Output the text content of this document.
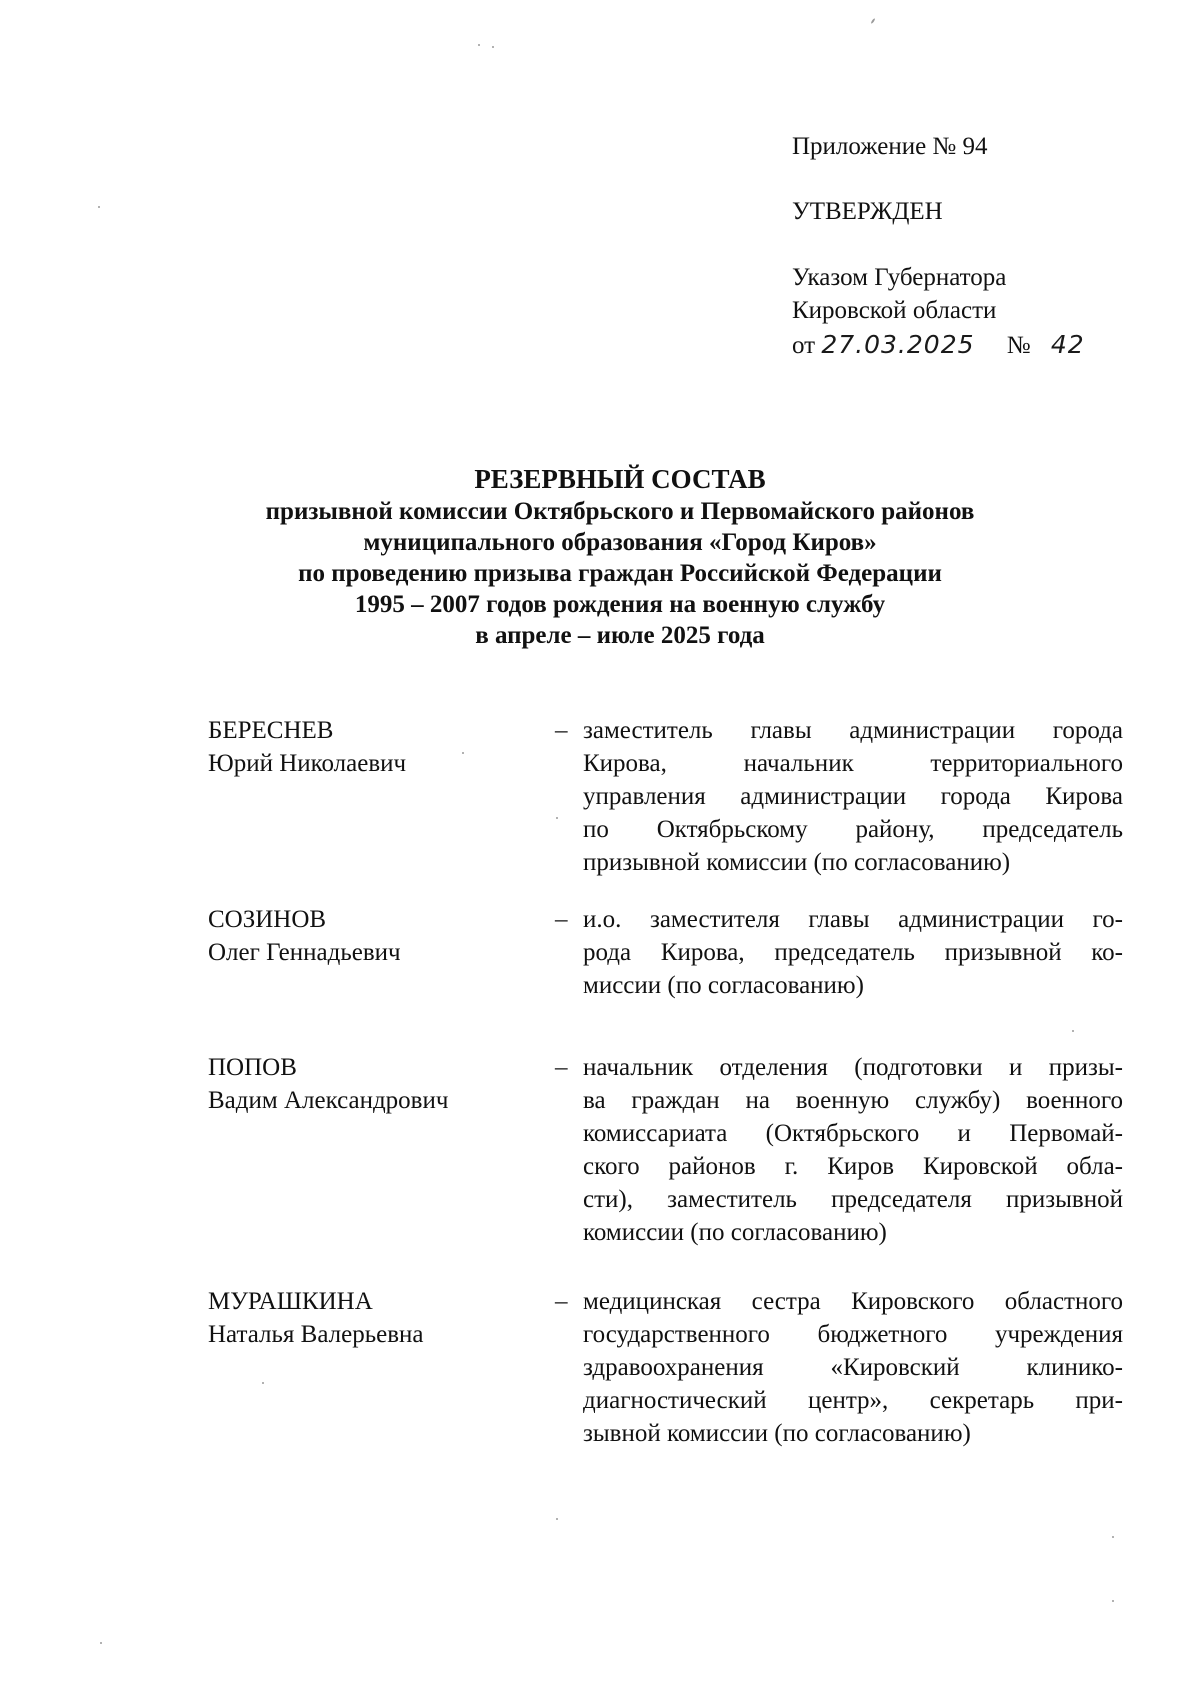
Приложение № 94
УТВЕРЖДЕН
Указом Губернатора
Кировской области
от 27.03.2025 № 42
РЕЗЕРВНЫЙ СОСТАВ
призывной комиссии Октябрьского и Первомайского районов
муниципального образования «Город Киров»
по проведению призыва граждан Российской Федерации
1995 – 2007 годов рождения на военную службу
в апреле – июле 2025 года
БЕРЕСНЕВ
Юрий Николаевич
– заместитель главы администрации города
Кирова, начальник территориального
управления администрации города Кирова
по Октябрьскому району, председатель
призывной комиссии (по согласованию)
СОЗИНОВ
Олег Геннадьевич
– и.о. заместителя главы администрации го-
рода Кирова, председатель призывной ко-
миссии (по согласованию)
ПОПОВ
Вадим Александрович
– начальник отделения (подготовки и призы-
ва граждан на военную службу) военного
комиссариата (Октябрьского и Первомай-
ского районов г. Киров Кировской обла-
сти), заместитель председателя призывной
комиссии (по согласованию)
МУРАШКИНА
Наталья Валерьевна
– медицинская сестра Кировского областного
государственного бюджетного учреждения
здравоохранения «Кировский клинико-
диагностический центр», секретарь при-
зывной комиссии (по согласованию)
